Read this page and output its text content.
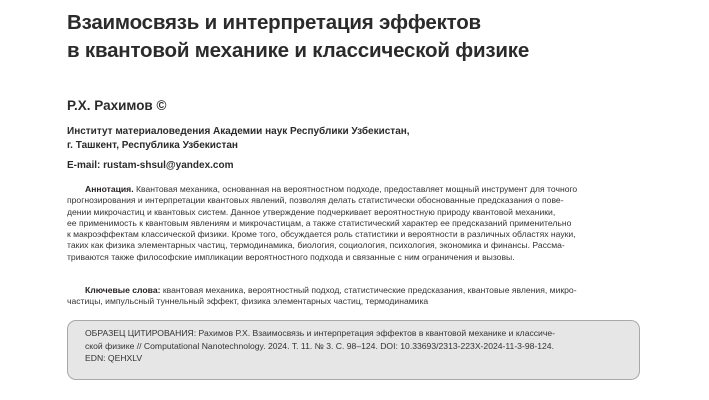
Взаимосвязь и интерпретация эффектов
в квантовой механике и классической физике
Р.Х. Рахимов ©
Институт материаловедения Академии наук Республики Узбекистан,
г. Ташкент, Республика Узбекистан
E-mail: rustam-shsul@yandex.com
Аннотация. Квантовая механика, основанная на вероятностном подходе, предоставляет мощный инструмент для точного
прогнозирования и интерпретации квантовых явлений, позволяя делать статистически обоснованные предсказания о пове-
дении микрочастиц и квантовых систем. Данное утверждение подчеркивает вероятностную природу квантовой механики,
ее применимость к квантовым явлениям и микрочастицам, а также статистический характер ее предсказаний применительно
к макроэффектам классической физики. Кроме того, обсуждается роль статистики и вероятности в различных областях науки,
таких как физика элементарных частиц, термодинамика, биология, социология, психология, экономика и финансы. Рассма-
триваются также философские импликации вероятностного подхода и связанные с ним ограничения и вызовы.
Ключевые слова: квантовая механика, вероятностный подход, статистические предсказания, квантовые явления, микро-
частицы, импульсный туннельный эффект, физика элементарных частиц, термодинамика
ОБРАЗЕЦ ЦИТИРОВАНИЯ: Рахимов Р.Х. Взаимосвязь и интерпретация эффектов в квантовой механике и классиче-
ской физике // Computational Nanotechnology. 2024. Т. 11. № 3. С. 98–124. DOI: 10.33693/2313-223X-2024-11-3-98-124.
EDN: QEHXLV
